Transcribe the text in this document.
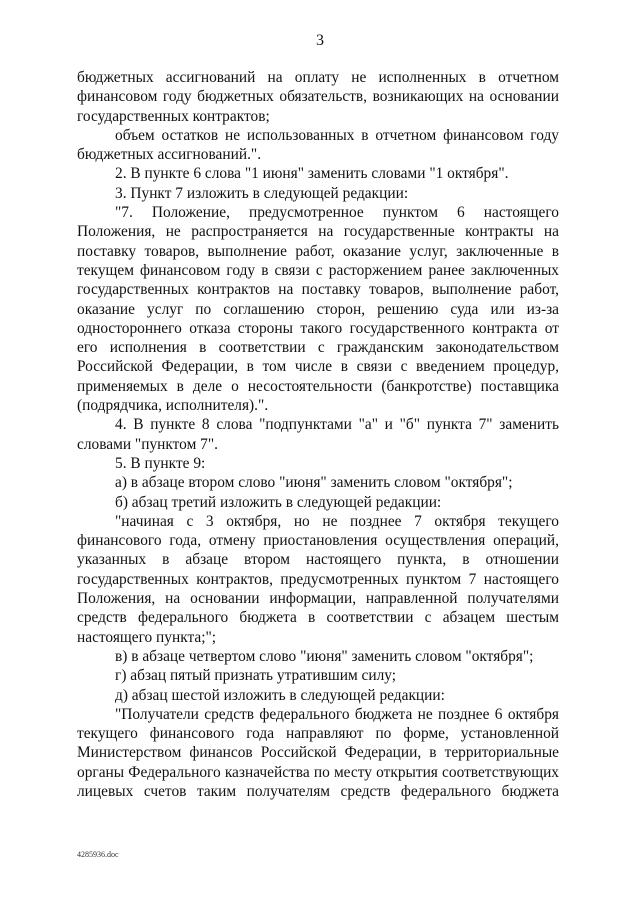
3

бюджетных ассигнований на оплату не исполненных в отчетном финансовом году бюджетных обязательств, возникающих на основании государственных контрактов;

объем остатков не использованных в отчетном финансовом году бюджетных ассигнований.".

2. В пункте 6 слова "1 июня" заменить словами "1 октября".

3. Пункт 7 изложить в следующей редакции:

"7. Положение, предусмотренное пунктом 6 настоящего Положения, не распространяется на государственные контракты на поставку товаров, выполнение работ, оказание услуг, заключенные в текущем финансовом году в связи с расторжением ранее заключенных государственных контрактов на поставку товаров, выполнение работ, оказание услуг по соглашению сторон, решению суда или из-за одностороннего отказа стороны такого государственного контракта от его исполнения в соответствии с гражданским законодательством Российской Федерации, в том числе в связи с введением процедур, применяемых в деле о несостоятельности (банкротстве) поставщика (подрядчика, исполнителя).".

4. В пункте 8 слова "подпунктами "а" и "б" пункта 7" заменить словами "пунктом 7".

5. В пункте 9:

а) в абзаце втором слово "июня" заменить словом "октября";

б) абзац третий изложить в следующей редакции:

"начиная с 3 октября, но не позднее 7 октября текущего финансового года, отмену приостановления осуществления операций, указанных в абзаце втором настоящего пункта, в отношении государственных контрактов, предусмотренных пунктом 7 настоящего Положения, на основании информации, направленной получателями средств федерального бюджета в соответствии с абзацем шестым настоящего пункта;";

в) в абзаце четвертом слово "июня" заменить словом "октября";

г) абзац пятый признать утратившим силу;

д) абзац шестой изложить в следующей редакции:

"Получатели средств федерального бюджета не позднее 6 октября текущего финансового года направляют по форме, установленной Министерством финансов Российской Федерации, в территориальные органы Федерального казначейства по месту открытия соответствующих лицевых счетов таким получателям средств федерального бюджета

4285936.doc
